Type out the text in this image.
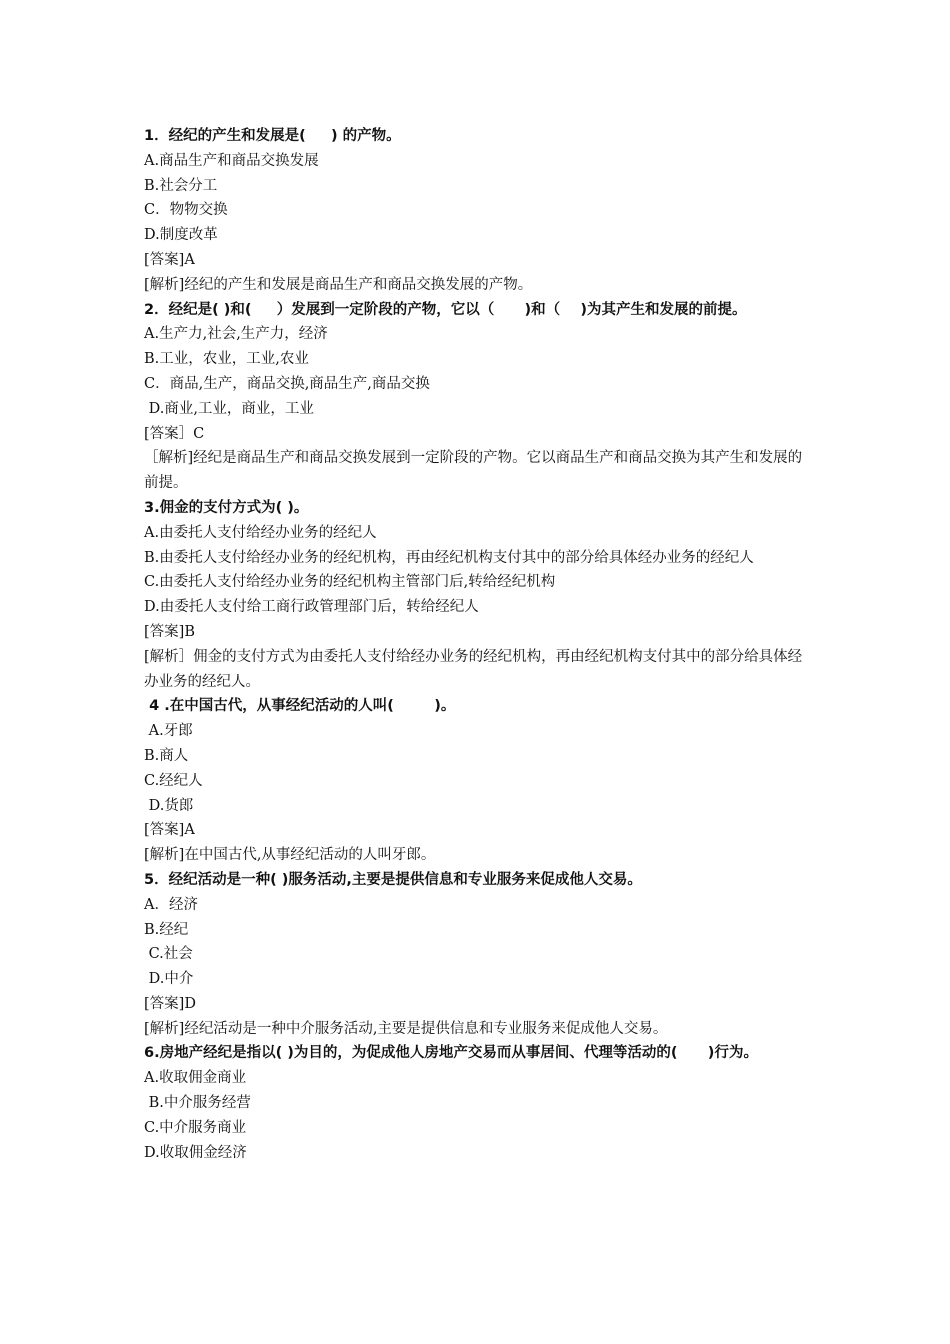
1．经纪的产生和发展是(     ) 的产物。
A.商品生产和商品交换发展
B.社会分工
C．物物交换
D.制度改革
[答案]A
[解析]经纪的产生和发展是商品生产和商品交换发展的产物。
2．经纪是( )和(     ）发展到一定阶段的产物，它以（      )和（    )为其产生和发展的前提。
A.生产力,社会,生产力，经济
B.工业，农业，工业,农业
C．商品,生产，商品交换,商品生产,商品交换
D.商业,工业，商业，工业
[答案］C
［解析]经纪是商品生产和商品交换发展到一定阶段的产物。它以商品生产和商品交换为其产生和发展的前提。
3.佣金的支付方式为( )。
A.由委托人支付给经办业务的经纪人
B.由委托人支付给经办业务的经纪机构，再由经纪机构支付其中的部分给具体经办业务的经纪人
C.由委托人支付给经办业务的经纪机构主管部门后,转给经纪机构
D.由委托人支付给工商行政管理部门后，转给经纪人
[答案]B
[解析］佣金的支付方式为由委托人支付给经办业务的经纪机构，再由经纪机构支付其中的部分给具体经办业务的经纪人。
4 .在中国古代，从事经纪活动的人叫(        )。
A.牙郎
B.商人
C.经纪人
D.货郎
[答案]A
[解析]在中国古代,从事经纪活动的人叫牙郎。
5．经纪活动是一种( )服务活动,主要是提供信息和专业服务来促成他人交易。
A．经济
B.经纪
C.社会
D.中介
[答案]D
[解析]经纪活动是一种中介服务活动,主要是提供信息和专业服务来促成他人交易。
6.房地产经纪是指以( )为目的，为促成他人房地产交易而从事居间、代理等活动的(      )行为。
A.收取佣金商业
B.中介服务经营
C.中介服务商业
D.收取佣金经济
